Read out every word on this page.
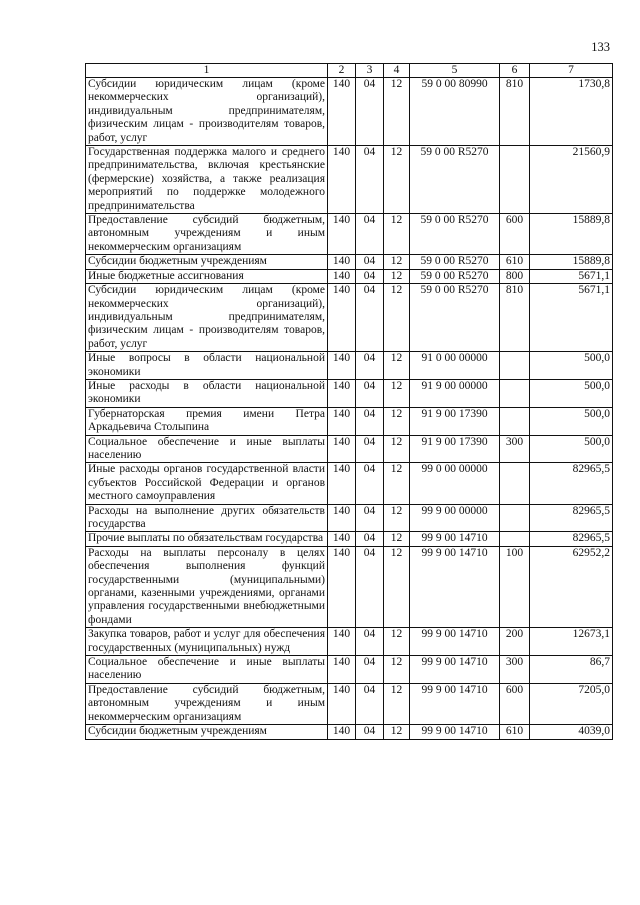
133
1	2	3	4	5	6	7
Субсидии юридическим лицам (кроме некоммерческих организаций), индивидуальным предпринимателям, физическим лицам - производителям товаров, работ, услуг	140	04	12	59 0 00 80990	810	1730,8
Государственная поддержка малого и среднего предпринимательства, включая крестьянские (фермерские) хозяйства, а также реализация мероприятий по поддержке молодежного предпринимательства	140	04	12	59 0 00 R5270		21560,9
Предоставление субсидий бюджетным, автономным учреждениям и иным некоммерческим организациям	140	04	12	59 0 00 R5270	600	15889,8
Субсидии бюджетным учреждениям	140	04	12	59 0 00 R5270	610	15889,8
Иные бюджетные ассигнования	140	04	12	59 0 00 R5270	800	5671,1
Субсидии юридическим лицам (кроме некоммерческих организаций), индивидуальным предпринимателям, физическим лицам - производителям товаров, работ, услуг	140	04	12	59 0 00 R5270	810	5671,1
Иные вопросы в области национальной экономики	140	04	12	91 0 00 00000		500,0
Иные расходы в области национальной экономики	140	04	12	91 9 00 00000		500,0
Губернаторская премия имени Петра Аркадьевича Столыпина	140	04	12	91 9 00 17390		500,0
Социальное обеспечение и иные выплаты населению	140	04	12	91 9 00 17390	300	500,0
Иные расходы органов государственной власти субъектов Российской Федерации и органов местного самоуправления	140	04	12	99 0 00 00000		82965,5
Расходы на выполнение других обязательств государства	140	04	12	99 9 00 00000		82965,5
Прочие выплаты по обязательствам государства	140	04	12	99 9 00 14710		82965,5
Расходы на выплаты персоналу в целях обеспечения выполнения функций государственными (муниципальными) органами, казенными учреждениями, органами управления государственными внебюджетными фондами	140	04	12	99 9 00 14710	100	62952,2
Закупка товаров, работ и услуг для обеспечения государственных (муниципальных) нужд	140	04	12	99 9 00 14710	200	12673,1
Социальное обеспечение и иные выплаты населению	140	04	12	99 9 00 14710	300	86,7
Предоставление субсидий бюджетным, автономным учреждениям и иным некоммерческим организациям	140	04	12	99 9 00 14710	600	7205,0
Субсидии бюджетным учреждениям	140	04	12	99 9 00 14710	610	4039,0
